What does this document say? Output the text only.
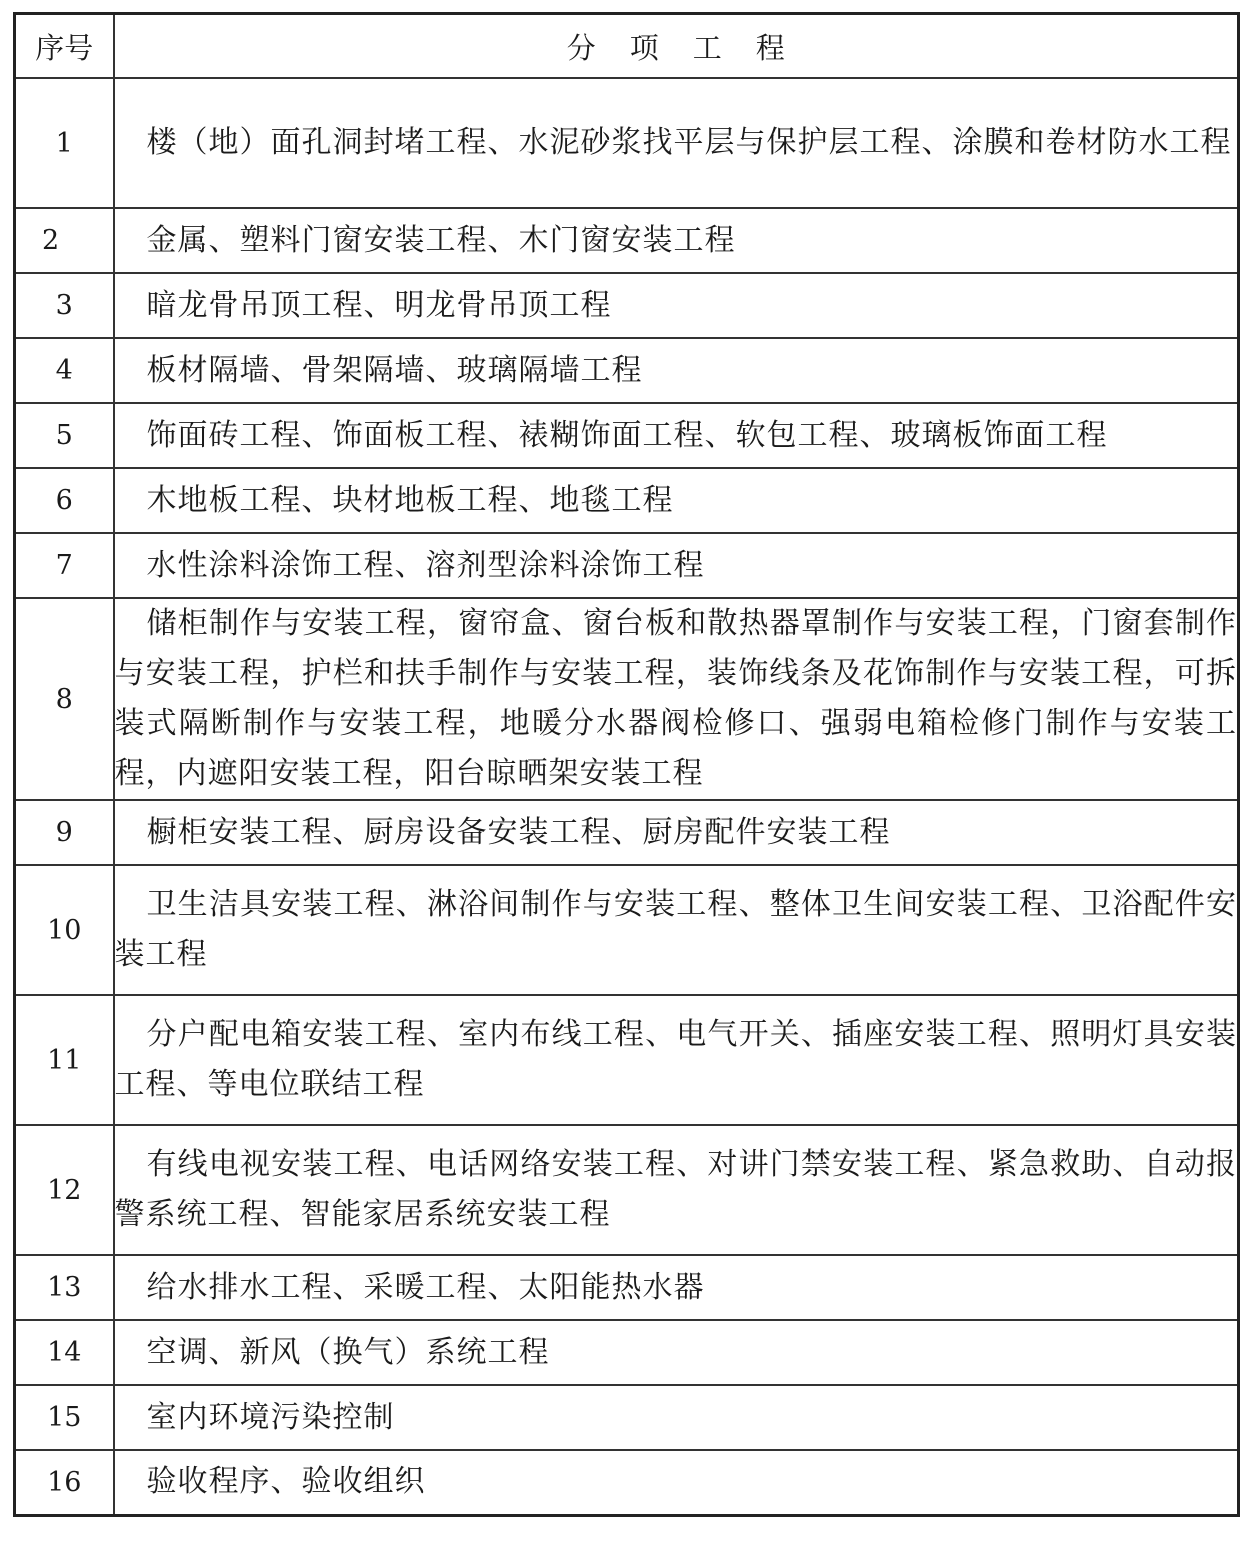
序号	分项工程
1	楼（地）面孔洞封堵工程、水泥砂浆找平层与保护层工程、涂膜和卷材防水工程
2	金属、塑料门窗安装工程、木门窗安装工程
3	暗龙骨吊顶工程、明龙骨吊顶工程
4	板材隔墙、骨架隔墙、玻璃隔墙工程
5	饰面砖工程、饰面板工程、裱糊饰面工程、软包工程、玻璃板饰面工程
6	木地板工程、块材地板工程、地毯工程
7	水性涂料涂饰工程、溶剂型涂料涂饰工程
8	储柜制作与安装工程，窗帘盒、窗台板和散热器罩制作与安装工程，门窗套制作与安装工程，护栏和扶手制作与安装工程，装饰线条及花饰制作与安装工程，可拆装式隔断制作与安装工程，地暖分水器阀检修口、强弱电箱检修门制作与安装工程，内遮阳安装工程，阳台晾晒架安装工程
9	橱柜安装工程、厨房设备安装工程、厨房配件安装工程
10	卫生洁具安装工程、淋浴间制作与安装工程、整体卫生间安装工程、卫浴配件安装工程
11	分户配电箱安装工程、室内布线工程、电气开关、插座安装工程、照明灯具安装工程、等电位联结工程
12	有线电视安装工程、电话网络安装工程、对讲门禁安装工程、紧急救助、自动报警系统工程、智能家居系统安装工程
13	给水排水工程、采暖工程、太阳能热水器
14	空调、新风（换气）系统工程
15	室内环境污染控制
16	验收程序、验收组织
